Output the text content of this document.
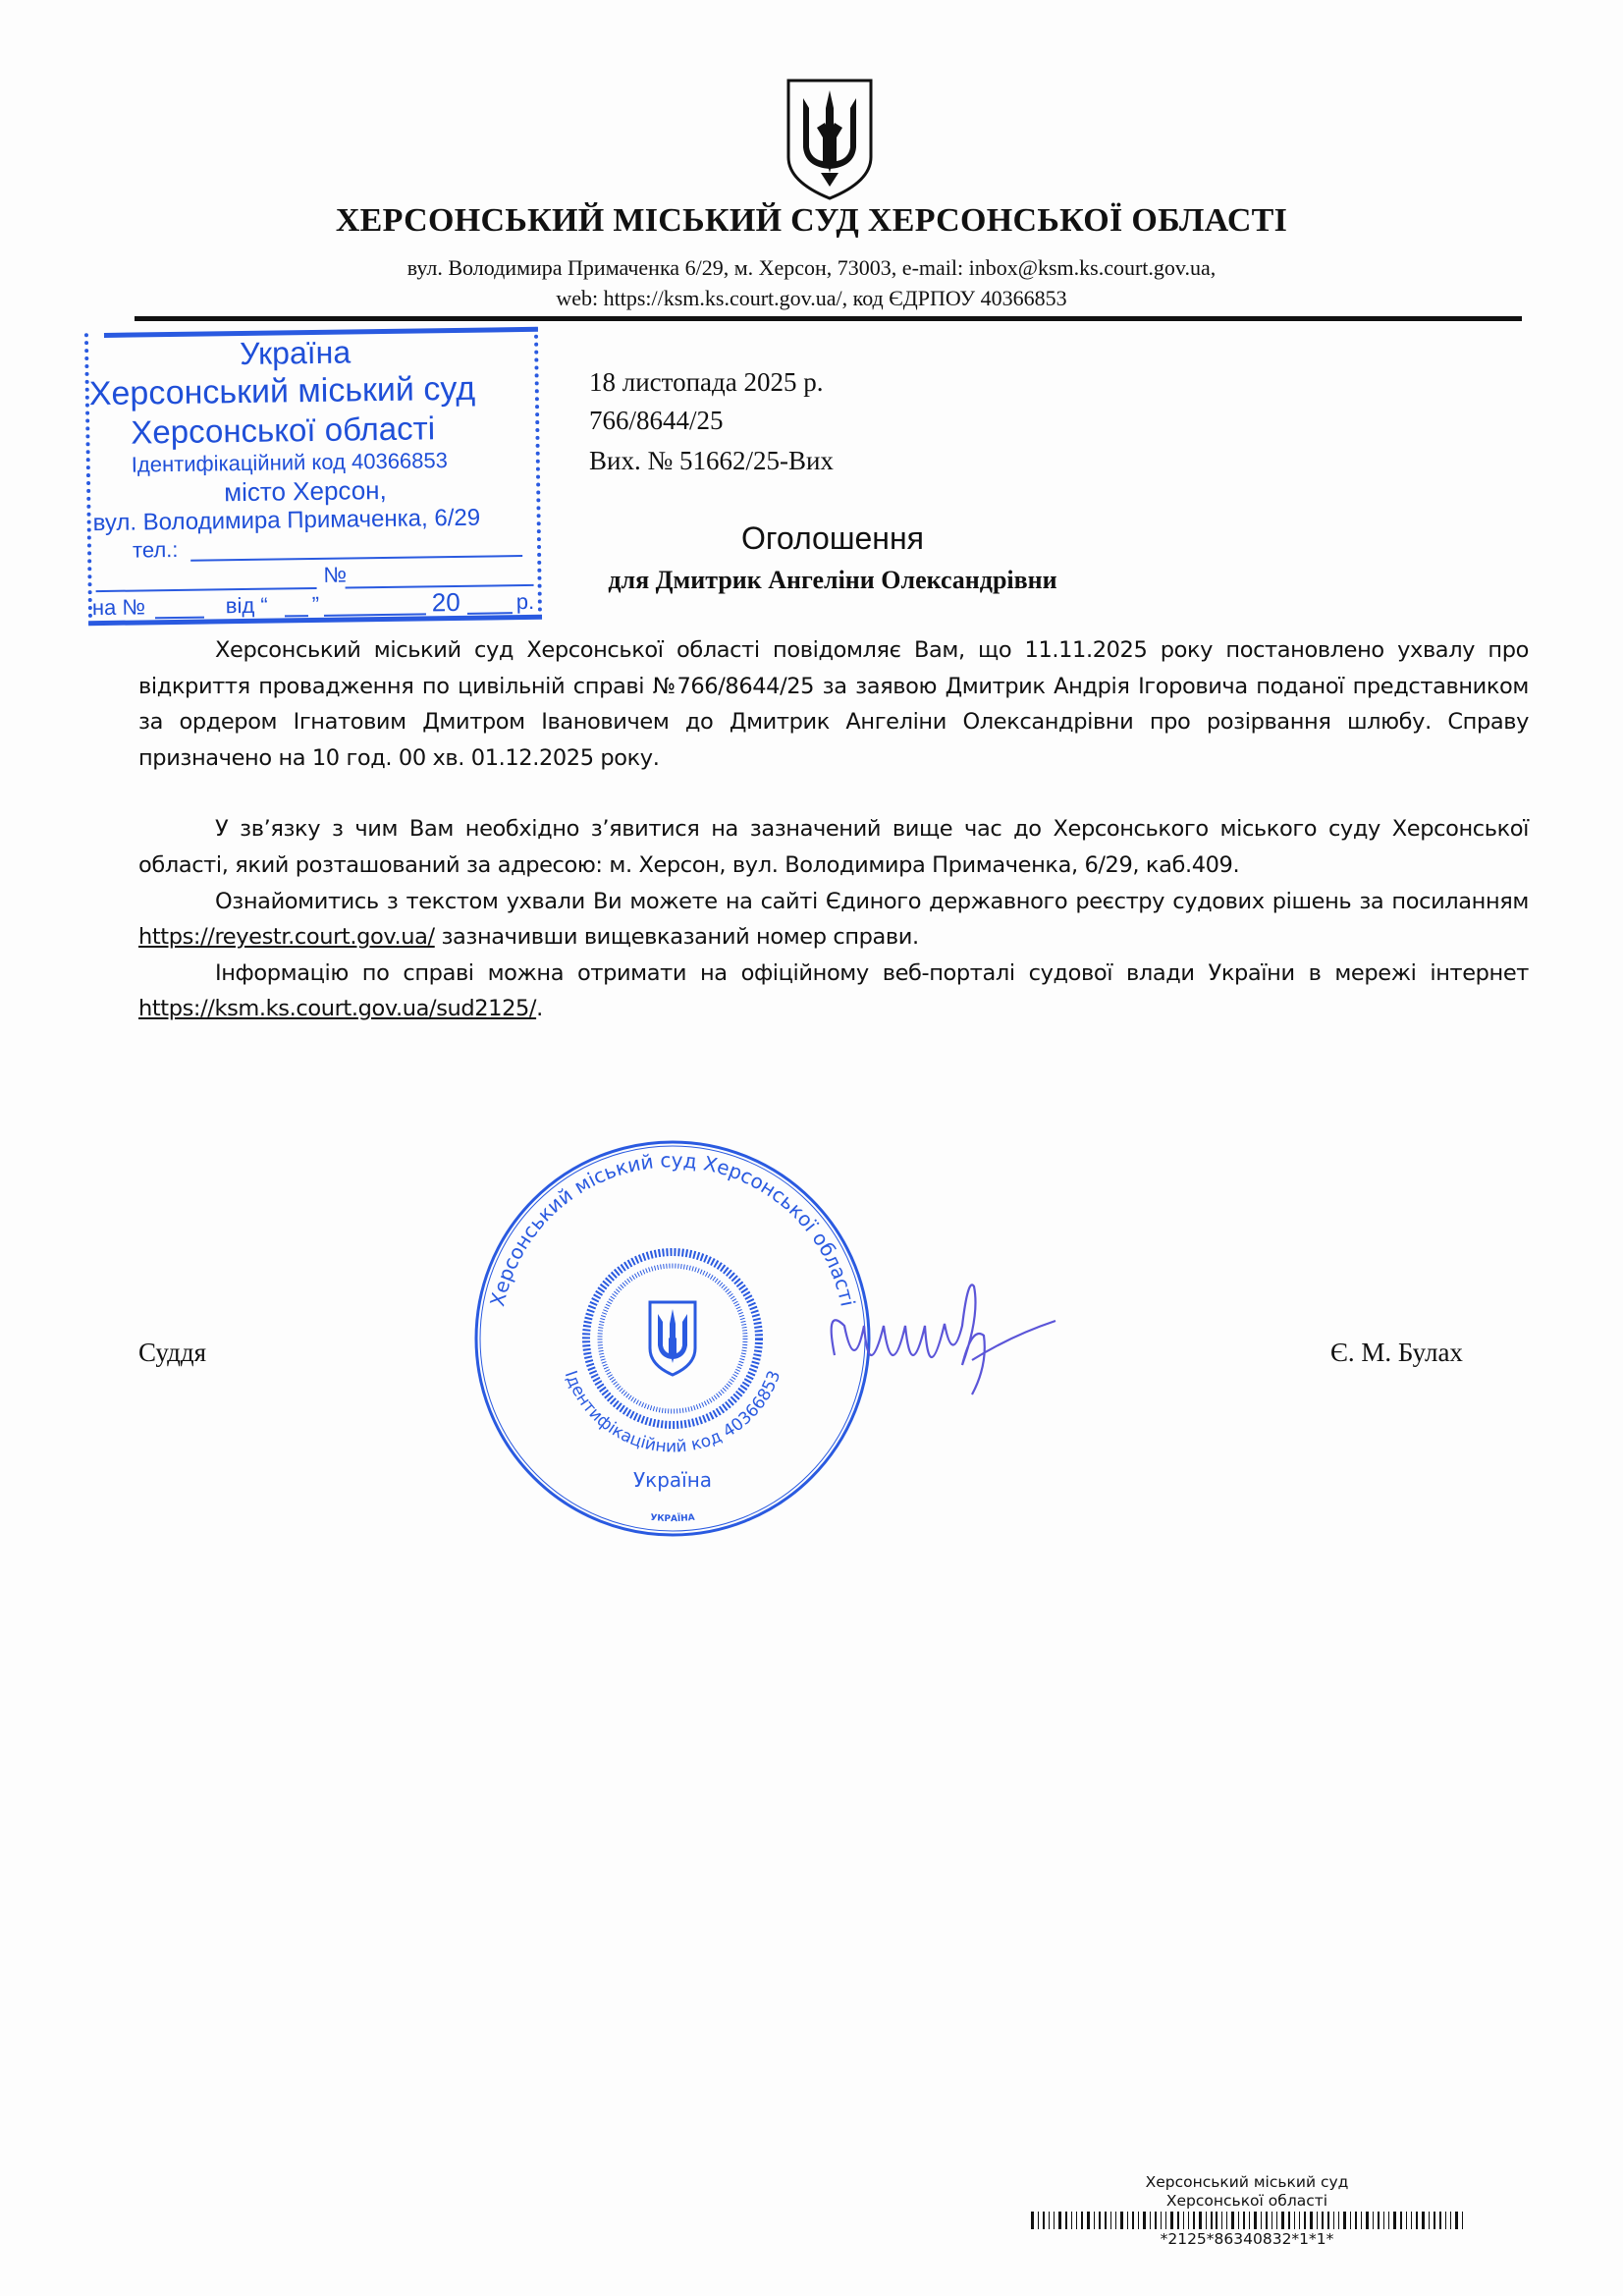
ХЕРСОНСЬКИЙ МІСЬКИЙ СУД ХЕРСОНСЬКОЇ ОБЛАСТІ
вул. Володимира Примаченка 6/29, м. Херсон, 73003, e-mail: inbox@ksm.ks.court.gov.ua,
web: https://ksm.ks.court.gov.ua/, код ЄДРПОУ 40366853
Україна
Херсонський міський суд
Херсонської області
Ідентифікаційний код 40366853
місто Херсон,
вул. Володимира Примаченка, 6/29
тел.:
№
на №	від “ ”	20	р.
18 листопада 2025 р.
766/8644/25
Вих. № 51662/25-Вих
Оголошення
для Дмитрик Ангеліни Олександрівни

Херсонський міський суд Херсонської області повідомляє Вам, що 11.11.2025 року постановлено ухвалу про відкриття провадження по цивільній справі №766/8644/25 за заявою Дмитрик Андрія Ігоровича поданої представником за ордером Ігнатовим Дмитром Івановичем до Дмитрик Ангеліни Олександрівни про розірвання шлюбу. Справу призначено на 10 год. 00 хв. 01.12.2025 року.

У зв’язку з чим Вам необхідно з’явитися на зазначений вище час до Херсонського міського суду Херсонської області, який розташований за адресою: м. Херсон, вул. Володимира Примаченка, 6/29, каб.409.

Ознайомитись з текстом ухвали Ви можете на сайті Єдиного державного реєстру судових рішень за посиланням https://reyestr.court.gov.ua/ зазначивши вищевказаний номер справи.

Інформацію по справі можна отримати на офіційному веб-порталі судової влади України в мережі інтернет https://ksm.ks.court.gov.ua/sud2125/.

Херсонський міський суд Херсонської області
Ідентифікаційний код 40366853
Україна
УКРАЇНА
Суддя	Є. М. Булах
Херсонський міський суд
Херсонської області
*2125*86340832*1*1*
